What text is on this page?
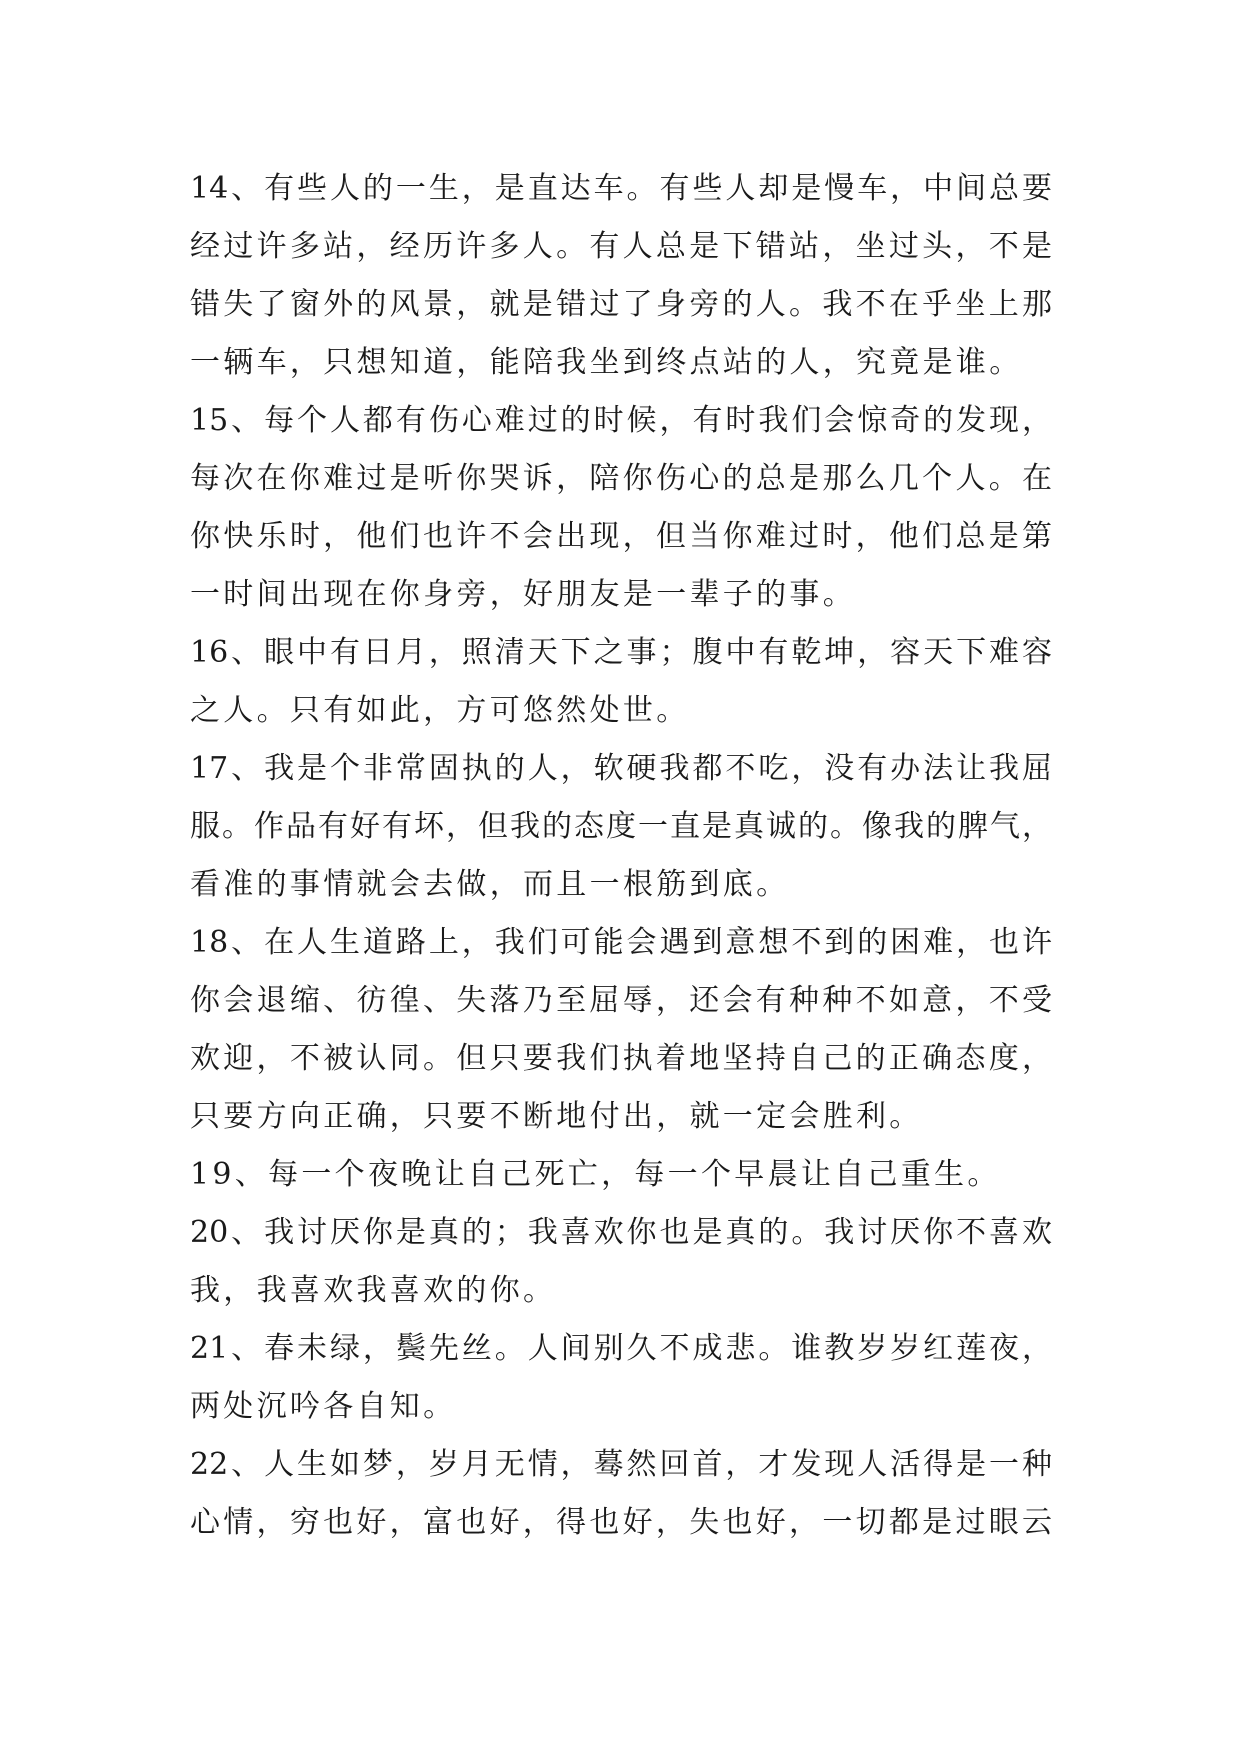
14、有些人的一生，是直达车。有些人却是慢车，中间总要
经过许多站，经历许多人。有人总是下错站，坐过头，不是
错失了窗外的风景，就是错过了身旁的人。我不在乎坐上那
一辆车，只想知道，能陪我坐到终点站的人，究竟是谁。
15、每个人都有伤心难过的时候，有时我们会惊奇的发现，
每次在你难过是听你哭诉，陪你伤心的总是那么几个人。在
你快乐时，他们也许不会出现，但当你难过时，他们总是第
一时间出现在你身旁，好朋友是一辈子的事。
16、眼中有日月，照清天下之事；腹中有乾坤，容天下难容
之人。只有如此，方可悠然处世。
17、我是个非常固执的人，软硬我都不吃，没有办法让我屈
服。作品有好有坏，但我的态度一直是真诚的。像我的脾气，
看准的事情就会去做，而且一根筋到底。
18、在人生道路上，我们可能会遇到意想不到的困难，也许
你会退缩、彷徨、失落乃至屈辱，还会有种种不如意，不受
欢迎，不被认同。但只要我们执着地坚持自己的正确态度，
只要方向正确，只要不断地付出，就一定会胜利。
19、每一个夜晚让自己死亡，每一个早晨让自己重生。
20、我讨厌你是真的；我喜欢你也是真的。我讨厌你不喜欢
我，我喜欢我喜欢的你。
21、春未绿，鬓先丝。人间别久不成悲。谁教岁岁红莲夜，
两处沉吟各自知。
22、人生如梦，岁月无情，蓦然回首，才发现人活得是一种
心情，穷也好，富也好，得也好，失也好，一切都是过眼云
